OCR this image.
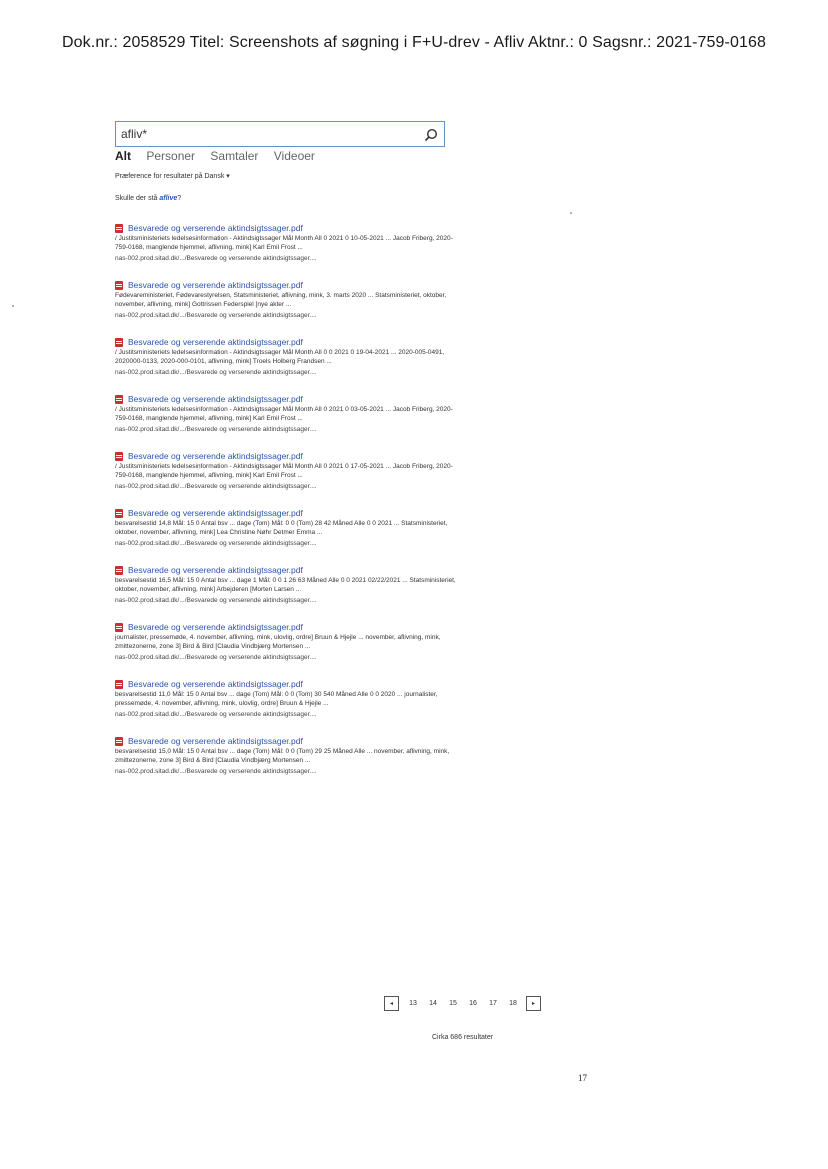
Dok.nr.: 2058529 Titel: Screenshots af søgning i F+U-drev - Afliv Aktnr.: 0 Sagsnr.: 2021-759-0168
afliv*
Alt Personer Samtaler Videoer
Præference for resultater på Dansk ▾
Skulle der stå aflive?
Besvarede og verserende aktindsigtssager.pdf
/ Justitsministeriets ledelsesinformation - Aktindsigtssager Mål Month All 0 2021 0 10-05-2021 ... Jacob Friberg, 2020-759-0168, manglende hjemmel, aflivning, mink] Karl Emil Frost ...
nas-002.prod.sitad.dk/.../Besvarede og verserende aktindsigtssager....
Besvarede og verserende aktindsigtssager.pdf
Fødevareministeriet, Fødevarestyrelsen, Statsministeriet, aflivning, mink, 3. marts 2020 ... Statsministeriet, oktober, november, aflivning, mink] Gottrissen Federspiel [nye akter ...
nas-002.prod.sitad.dk/.../Besvarede og verserende aktindsigtssager....
Besvarede og verserende aktindsigtssager.pdf
/ Justitsministeriets ledelsesinformation - Aktindsigtssager Mål Month All 0 0 2021 0 19-04-2021 ... 2020-005-0491, 2020000-0133, 2020-000-0101, aflivning, mink] Troels Holberg Frandsen ...
nas-002.prod.sitad.dk/.../Besvarede og verserende aktindsigtssager....
Besvarede og verserende aktindsigtssager.pdf
/ Justitsministeriets ledelsesinformation - Aktindsigtssager Mål Month All 0 2021 0 03-05-2021 ... Jacob Friberg, 2020-759-0168, manglende hjemmel, aflivning, mink] Karl Emil Frost ...
nas-002.prod.sitad.dk/.../Besvarede og verserende aktindsigtssager....
Besvarede og verserende aktindsigtssager.pdf
/ Justitsministeriets ledelsesinformation - Aktindsigtssager Mål Month All 0 2021 0 17-05-2021 ... Jacob Friberg, 2020-759-0168, manglende hjemmel, aflivning, mink] Karl Emil Frost ...
nas-002.prod.sitad.dk/.../Besvarede og verserende aktindsigtssager....
Besvarede og verserende aktindsigtssager.pdf
besvarelsestid 14,8 Mål: 15 0 Antal bsv ... dage (Tom) Mål: 0 0 (Tom) 28 42 Måned Alle 0 0 2021 ... Statsministeriet, oktober, november, aflivning, mink] Lea Christine Nøhr Detmer Emma ...
nas-002.prod.sitad.dk/.../Besvarede og verserende aktindsigtssager....
Besvarede og verserende aktindsigtssager.pdf
besvarelsestid 16,5 Mål: 15 0 Antal bsv ... dage 1 Mål: 0 0 1 26 63 Måned Alle 0 0 2021 02/22/2021 ... Statsministeriet, oktober, november, aflivning, mink] Arbejderen [Morten Larsen ...
nas-002.prod.sitad.dk/.../Besvarede og verserende aktindsigtssager....
Besvarede og verserende aktindsigtssager.pdf
journalister, pressemøde, 4. november, aflivning, mink, ulovlig, ordre] Bruun & Hjejle ... november, aflivning, mink, zmittezonerne, zone 3] Bird & Bird [Claudia Vindbjærg Mortensen ...
nas-002.prod.sitad.dk/.../Besvarede og verserende aktindsigtssager....
Besvarede og verserende aktindsigtssager.pdf
besvarelsestid 11,0 Mål: 15 0 Antal bsv ... dage (Tom) Mål: 0 0 (Tom) 30 540 Måned Alle 0 0 2020 ... journalister, pressemøde, 4. november, aflivning, mink, ulovlig, ordre] Bruun & Hjejle ...
nas-002.prod.sitad.dk/.../Besvarede og verserende aktindsigtssager....
Besvarede og verserende aktindsigtssager.pdf
besvarelsestid 15,0 Mål: 15 0 Antal bsv ... dage (Tom) Mål: 0 0 (Tom) 29 25 Måned Alle ... november, aflivning, mink, zmittezonerne, zone 3] Bird & Bird [Claudia Vindbjærg Mortensen ...
nas-002.prod.sitad.dk/.../Besvarede og verserende aktindsigtssager....
◂	13	14	15	16	17	18	▸
Cirka 686 resultater
17
